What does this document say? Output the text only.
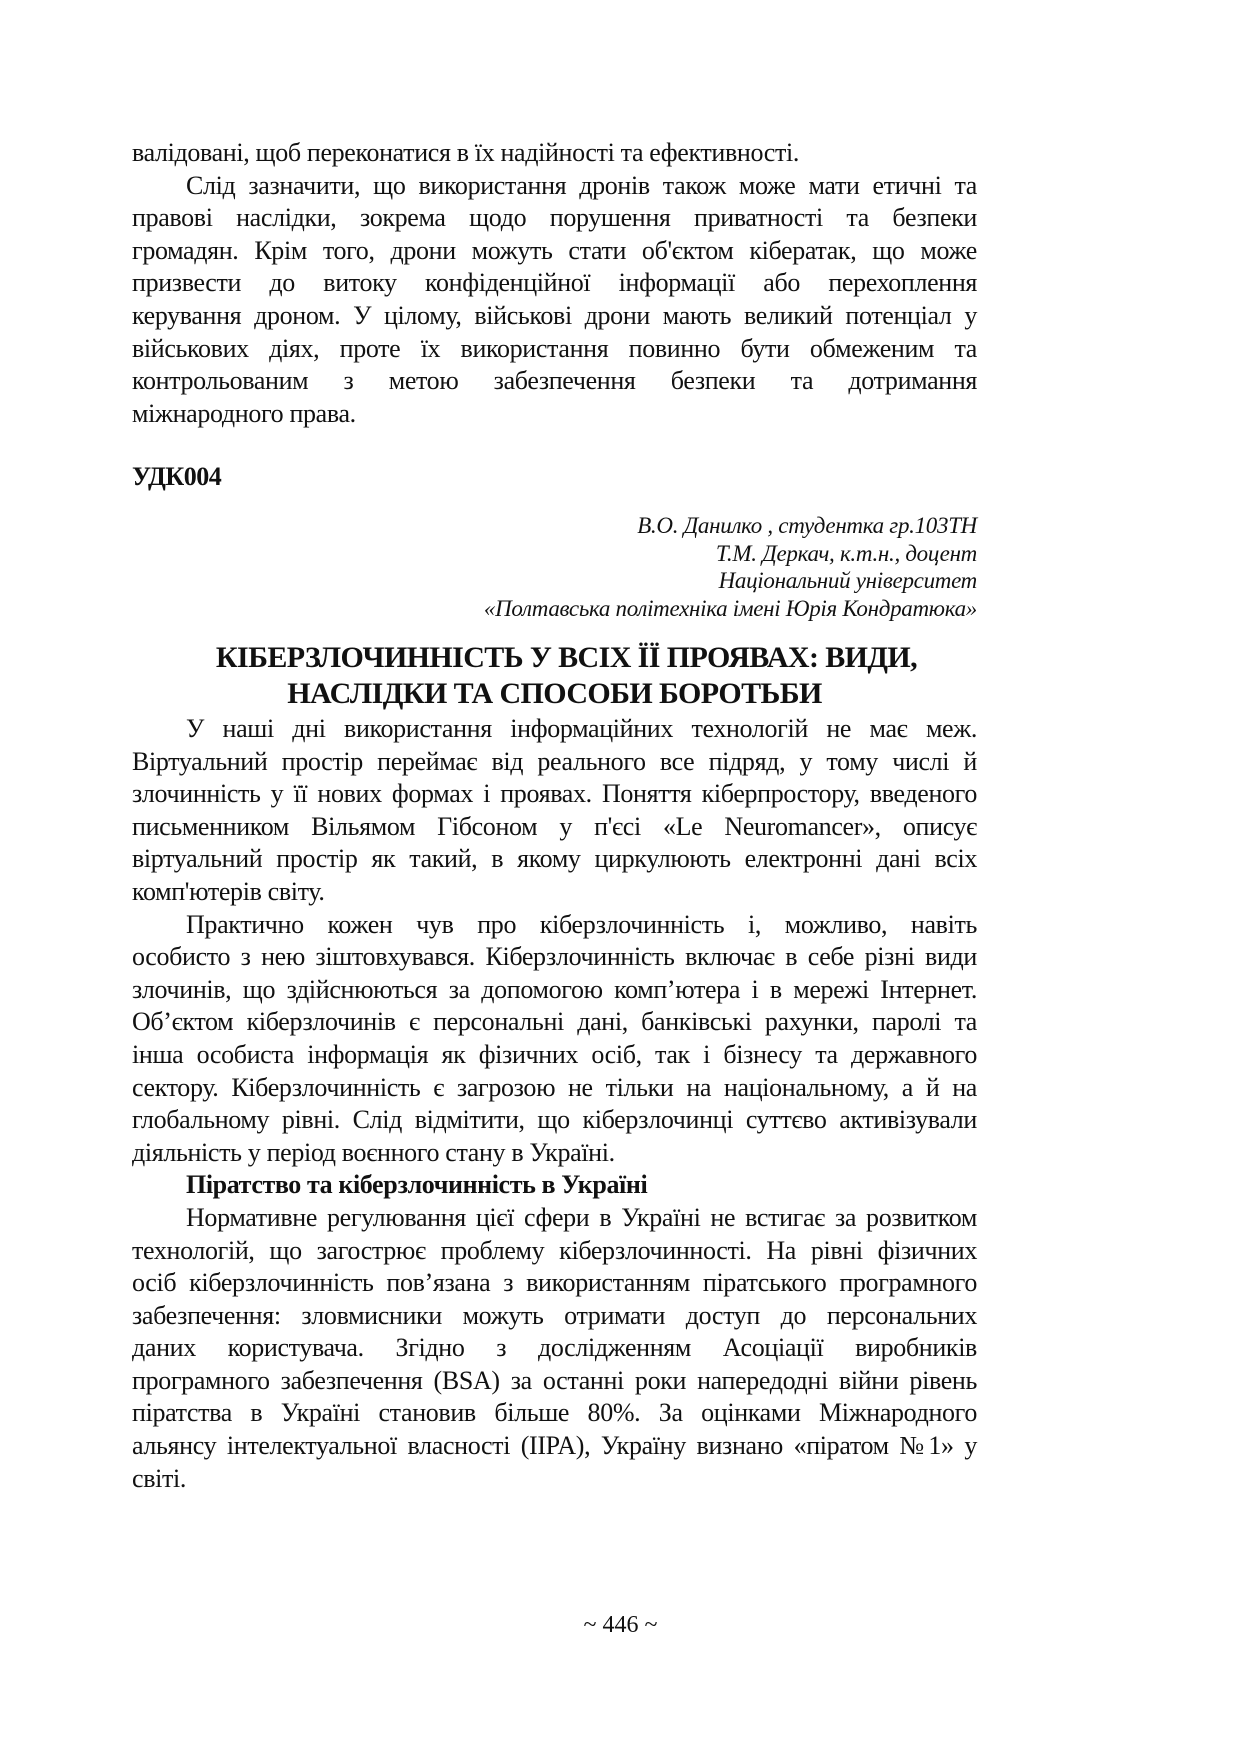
валідовані, щоб переконатися в їх надійності та ефективності.

Слід зазначити, що використання дронів також може мати етичні та
правові наслідки, зокрема щодо порушення приватності та безпеки
громадян. Крім того, дрони можуть стати об'єктом кібератак, що може
призвести до витоку конфіденційної інформації або перехоплення
керування дроном. У цілому, військові дрони мають великий потенціал у
військових діях, проте їх використання повинно бути обмеженим та
контрольованим з метою забезпечення безпеки та дотримання
міжнародного права.

УДК004
В.О. Данилко , студентка гр.103ТН
Т.М. Деркач, к.т.н., доцент
Національний університет
«Полтавська політехніка імені Юрія Кондратюка»
КІБЕРЗЛОЧИННІСТЬ У ВСІХ ЇЇ ПРОЯВАХ: ВИДИ,
НАСЛІДКИ ТА СПОСОБИ БОРОТЬБИ

У наші дні використання інформаційних технологій не має меж.
Віртуальний простір переймає від реального все підряд, у тому числі й
злочинність у її нових формах і проявах. Поняття кіберпростору, введеного
письменником Вільямом Гібсоном у п'єсі «Le Neuromancer», описує
віртуальний простір як такий, в якому циркулюють електронні дані всіх
комп'ютерів світу.

Практично кожен чув про кіберзлочинність і, можливо, навіть
особисто з нею зіштовхувався. Кіберзлочинність включає в себе різні види
злочинів, що здійснюються за допомогою комп’ютера і в мережі Інтернет.
Об’єктом кіберзлочинів є персональні дані, банківські рахунки, паролі та
інша особиста інформація як фізичних осіб, так і бізнесу та державного
сектору. Кіберзлочинність є загрозою не тільки на національному, а й на
глобальному рівні. Слід відмітити, що кіберзлочинці суттєво активізували
діяльність у період воєнного стану в Україні.

Піратство та кіберзлочинність в Україні

Нормативне регулювання цієї сфери в Україні не встигає за розвитком
технологій, що загострює проблему кіберзлочинності. На рівні фізичних
осіб кіберзлочинність пов’язана з використанням піратського програмного
забезпечення: зловмисники можуть отримати доступ до персональних
даних користувача. Згідно з дослідженням Асоціації виробників
програмного забезпечення (BSA) за останні роки напередодні війни рівень
піратства в Україні становив більше 80%. За оцінками Міжнародного
альянсу інтелектуальної власності (IIPA), Україну визнано «піратом №1» у
світі.

~ 446 ~
